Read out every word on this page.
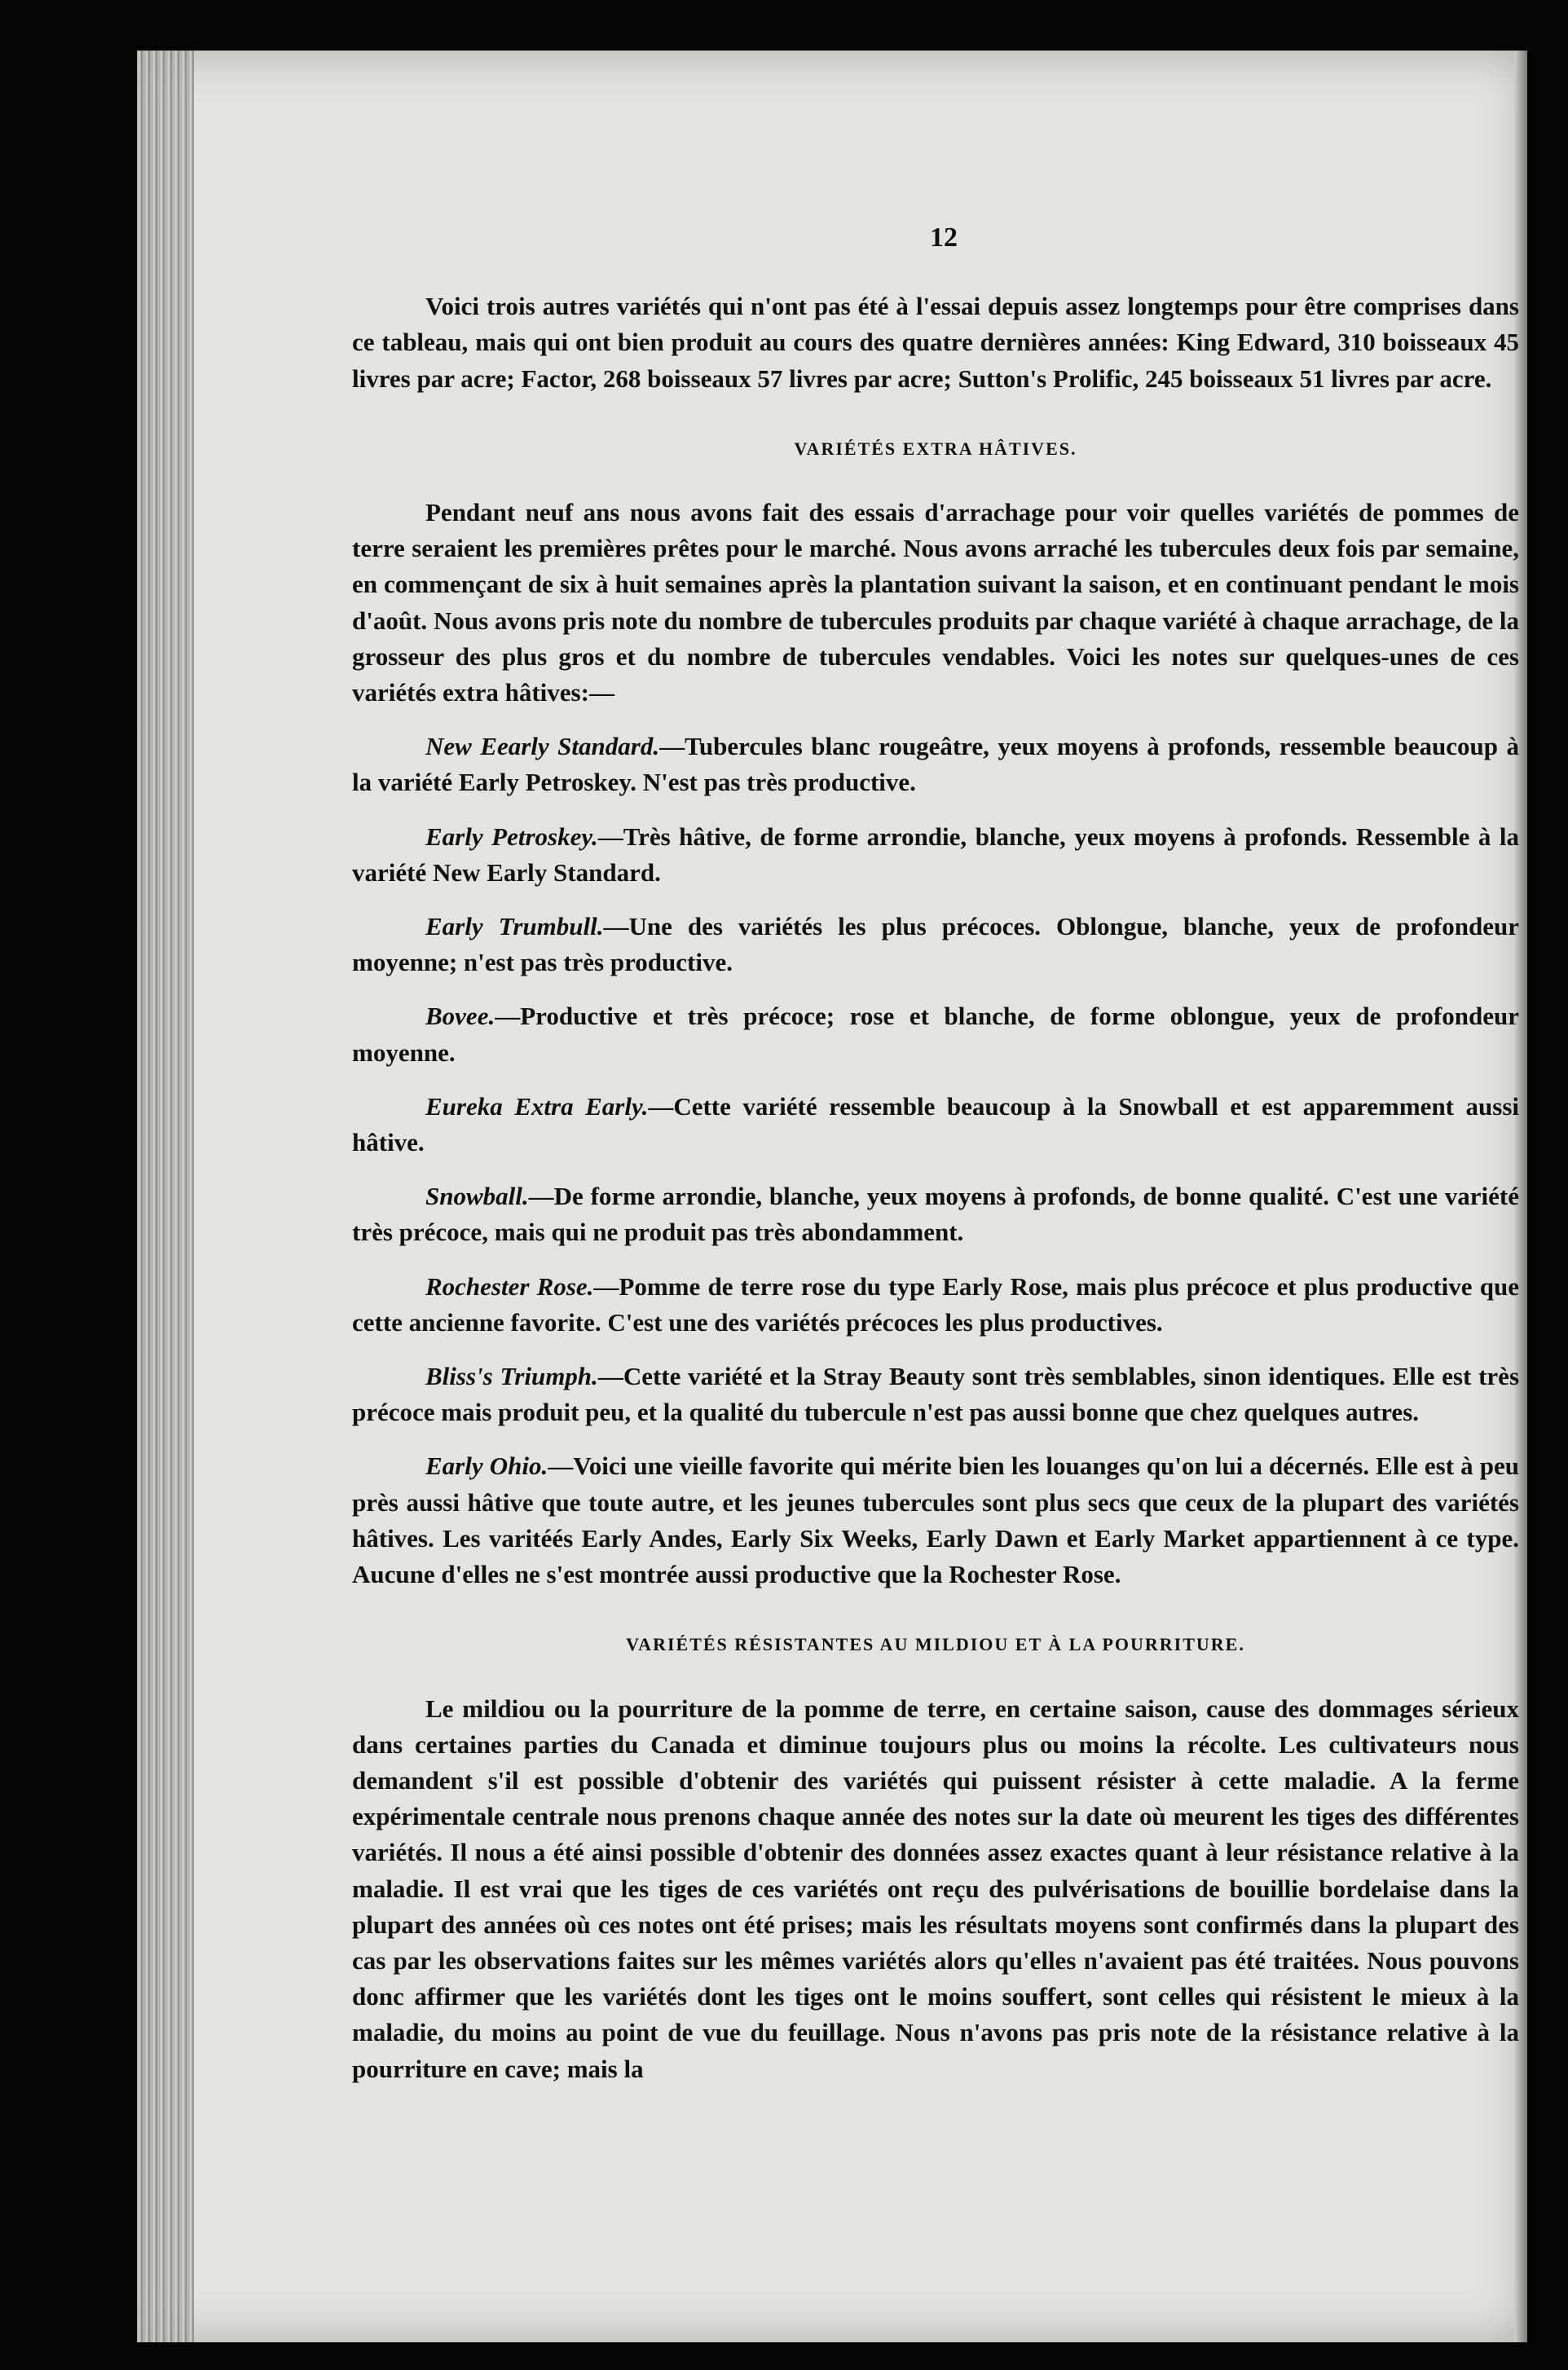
12

Voici trois autres variétés qui n'ont pas été à l'essai depuis assez longtemps pour être comprises dans ce tableau, mais qui ont bien produit au cours des quatre dernières années: King Edward, 310 boisseaux 45 livres par acre; Factor, 268 boisseaux 57 livres par acre; Sutton's Prolific, 245 boisseaux 51 livres par acre.

VARIÉTÉS EXTRA HÂTIVES.

Pendant neuf ans nous avons fait des essais d'arrachage pour voir quelles variétés de pommes de terre seraient les premières prêtes pour le marché. Nous avons arraché les tubercules deux fois par semaine, en commençant de six à huit semaines après la plantation suivant la saison, et en continuant pendant le mois d'août. Nous avons pris note du nombre de tubercules produits par chaque variété à chaque arrachage, de la grosseur des plus gros et du nombre de tubercules vendables. Voici les notes sur quelques-unes de ces variétés extra hâtives:—

New Eearly Standard.—Tubercules blanc rougeâtre, yeux moyens à profonds, ressemble beaucoup à la variété Early Petroskey. N'est pas très productive.

Early Petroskey.—Très hâtive, de forme arrondie, blanche, yeux moyens à profonds. Ressemble à la variété New Early Standard.

Early Trumbull.—Une des variétés les plus précoces. Oblongue, blanche, yeux de profondeur moyenne; n'est pas très productive.

Bovee.—Productive et très précoce; rose et blanche, de forme oblongue, yeux de profondeur moyenne.

Eureka Extra Early.—Cette variété ressemble beaucoup à la Snowball et est apparemment aussi hâtive.

Snowball.—De forme arrondie, blanche, yeux moyens à profonds, de bonne qualité. C'est une variété très précoce, mais qui ne produit pas très abondamment.

Rochester Rose.—Pomme de terre rose du type Early Rose, mais plus précoce et plus productive que cette ancienne favorite. C'est une des variétés précoces les plus productives.

Bliss's Triumph.—Cette variété et la Stray Beauty sont très semblables, sinon identiques. Elle est très précoce mais produit peu, et la qualité du tubercule n'est pas aussi bonne que chez quelques autres.

Early Ohio.—Voici une vieille favorite qui mérite bien les louanges qu'on lui a décernés. Elle est à peu près aussi hâtive que toute autre, et les jeunes tubercules sont plus secs que ceux de la plupart des variétés hâtives. Les varitéés Early Andes, Early Six Weeks, Early Dawn et Early Market appartiennent à ce type. Aucune d'elles ne s'est montrée aussi productive que la Rochester Rose.

VARIÉTÉS RÉSISTANTES AU MILDIOU ET À LA POURRITURE.

Le mildiou ou la pourriture de la pomme de terre, en certaine saison, cause des dommages sérieux dans certaines parties du Canada et diminue toujours plus ou moins la récolte. Les cultivateurs nous demandent s'il est possible d'obtenir des variétés qui puissent résister à cette maladie. A la ferme expérimentale centrale nous prenons chaque année des notes sur la date où meurent les tiges des différentes variétés. Il nous a été ainsi possible d'obtenir des données assez exactes quant à leur résistance relative à la maladie. Il est vrai que les tiges de ces variétés ont reçu des pulvérisations de bouillie bordelaise dans la plupart des années où ces notes ont été prises; mais les résultats moyens sont confirmés dans la plupart des cas par les observations faites sur les mêmes variétés alors qu'elles n'avaient pas été traitées. Nous pouvons donc affirmer que les variétés dont les tiges ont le moins souffert, sont celles qui résistent le mieux à la maladie, du moins au point de vue du feuillage. Nous n'avons pas pris note de la résistance relative à la pourriture en cave; mais la
